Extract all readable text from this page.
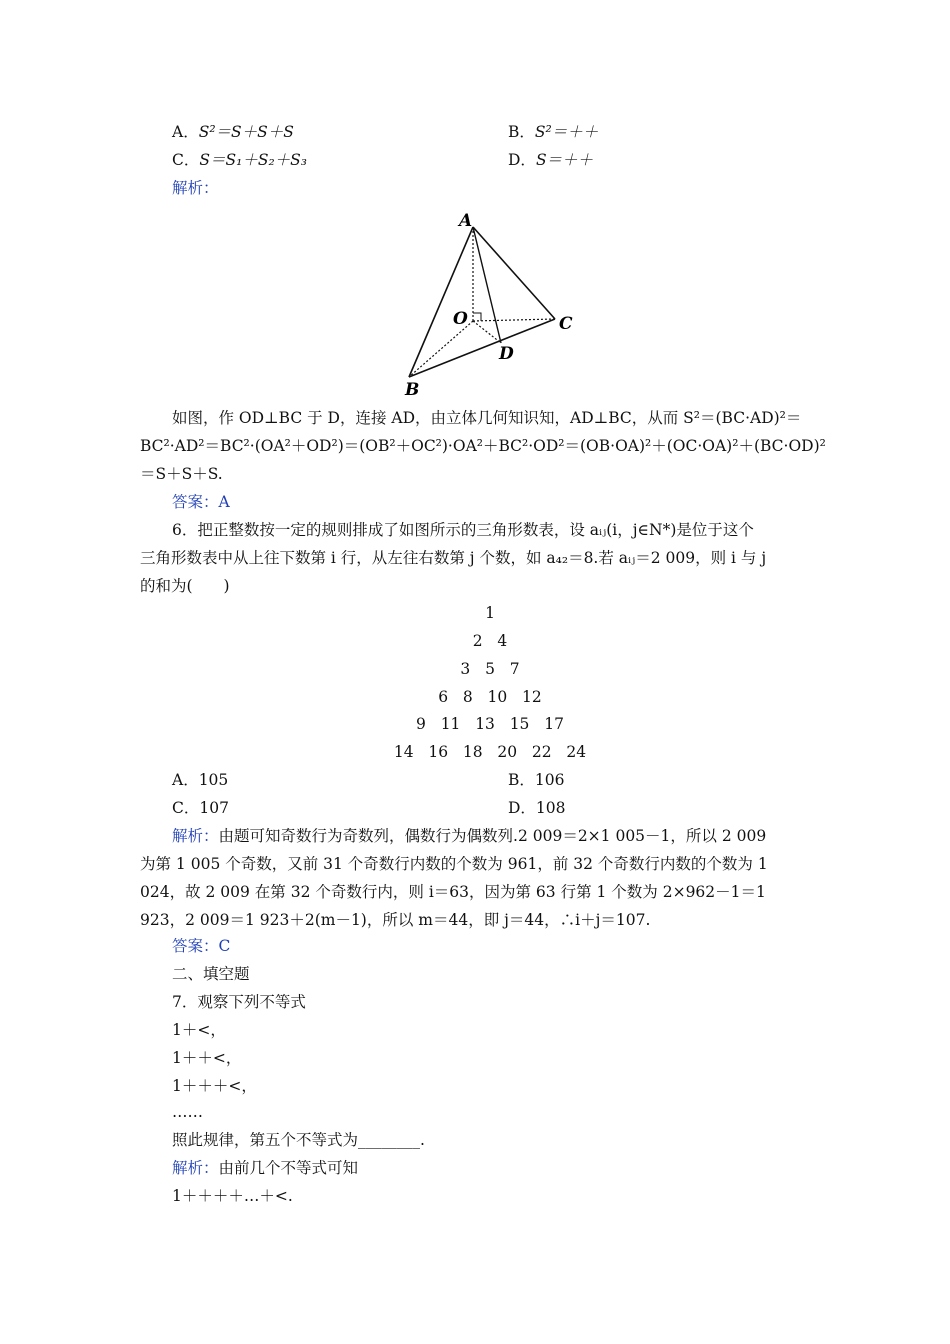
A．S²＝S＋S＋S	B．S²＝＋＋
C．S＝S₁＋S₂＋S₃	D．S＝＋＋
解析：
A
B
C
D
O
如图，作 OD⊥BC 于 D，连接 AD，由立体几何知识知，AD⊥BC，从而 S²＝(BC·AD)²＝
BC²·AD²＝BC²·(OA²＋OD²)＝(OB²＋OC²)·OA²＋BC²·OD²＝(OB·OA)²＋(OC·OA)²＋(BC·OD)²
＝S＋S＋S.
答案：A
6．把正整数按一定的规则排成了如图所示的三角形数表，设 aᵢⱼ(i，j∈N*)是位于这个
三角形数表中从上往下数第 i 行，从左往右数第 j 个数，如 a₄₂＝8.若 aᵢⱼ＝2 009，则 i 与 j
的和为(　　)
1
2   4
3   5   7
6   8   10   12
9   11   13   15   17
14   16   18   20   22   24
A．105	B．106
C．107	D．108
解析：由题可知奇数行为奇数列，偶数行为偶数列.2 009＝2×1 005－1，所以 2 009
为第 1 005 个奇数，又前 31 个奇数行内数的个数为 961，前 32 个奇数行内数的个数为 1
024，故 2 009 在第 32 个奇数行内，则 i＝63，因为第 63 行第 1 个数为 2×962－1＝1
923，2 009＝1 923＋2(m－1)，所以 m＝44，即 j＝44，∴i＋j＝107.
答案：C
二、填空题
7．观察下列不等式
1＋<，
1＋＋<，
1＋＋＋<，
……
照此规律，第五个不等式为________.
解析：由前几个不等式可知
1＋＋＋＋…＋<.
